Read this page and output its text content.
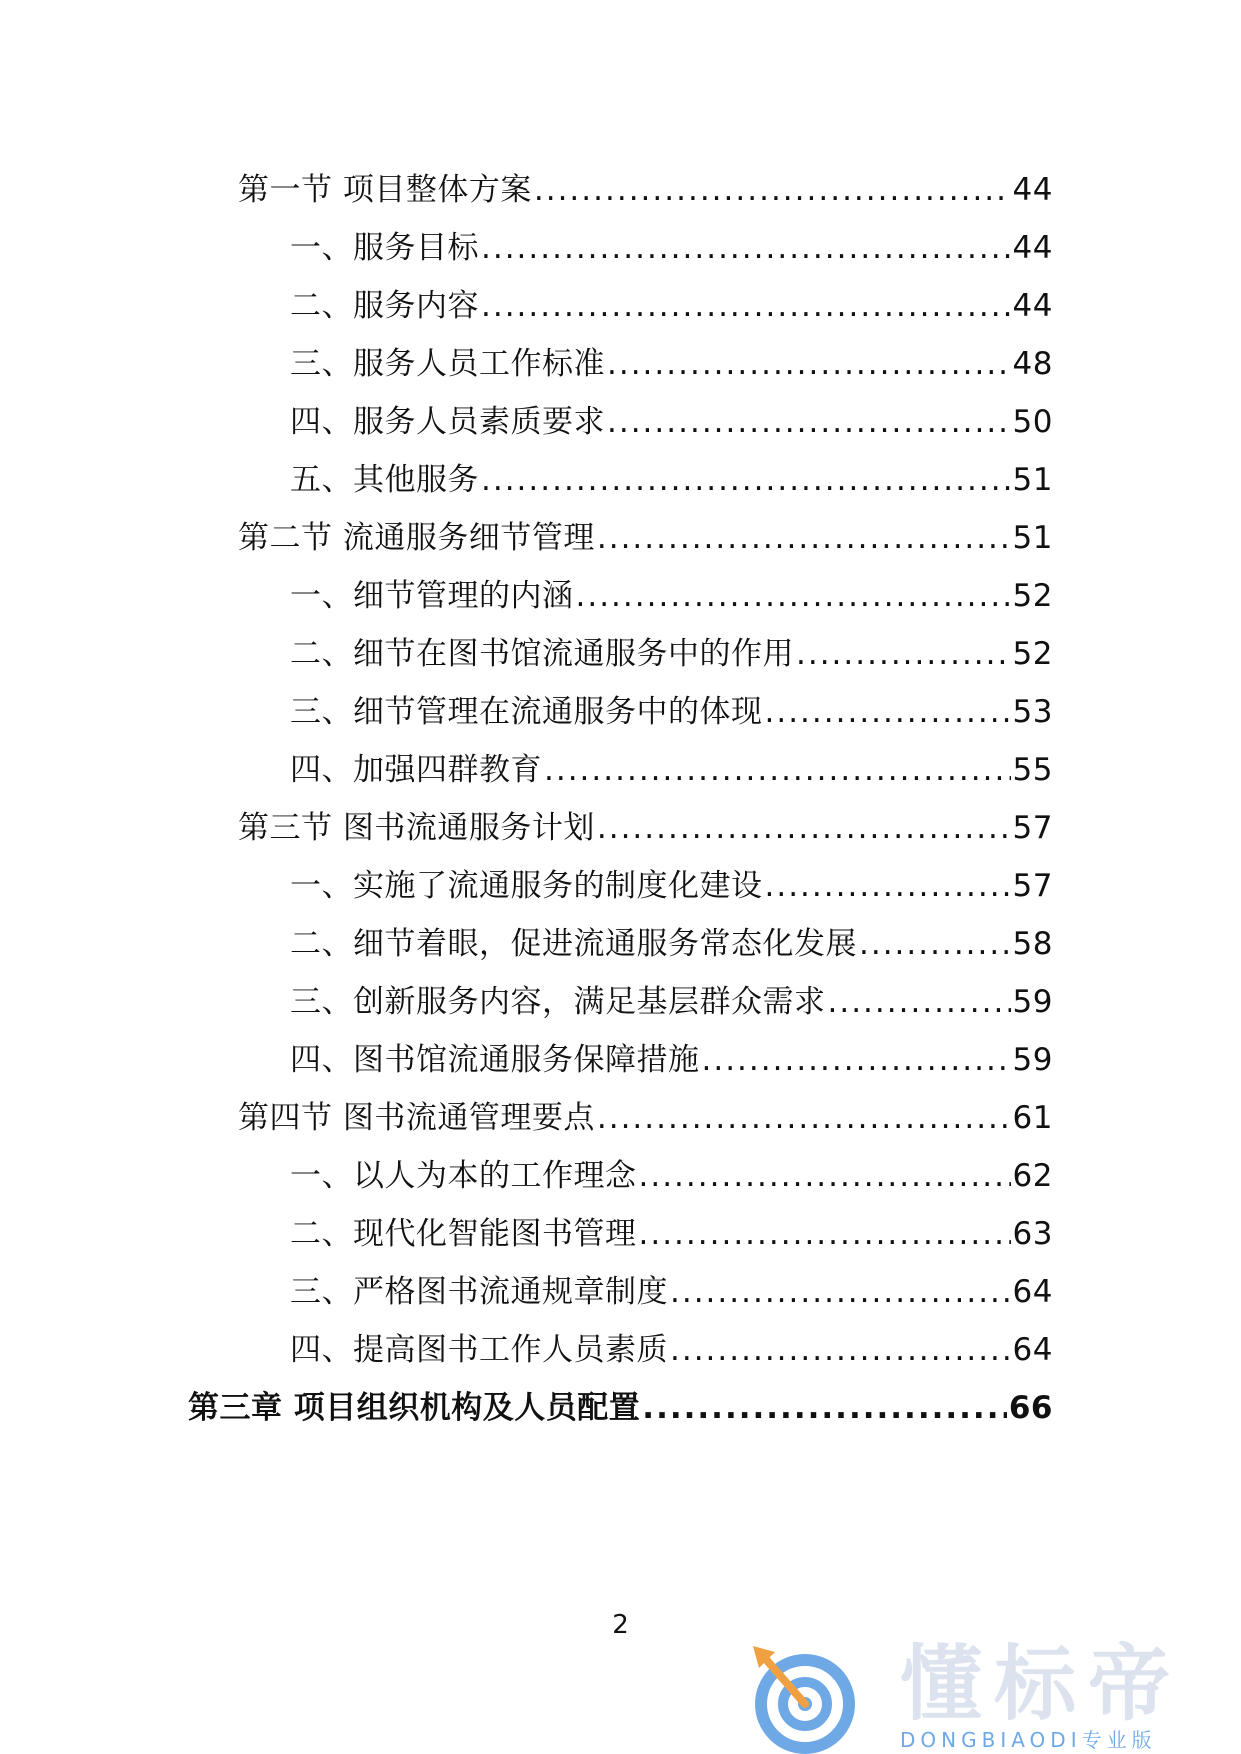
第一节 项目整体方案 .....	44
一、服务目标 .....	44
二、服务内容 .....	44
三、服务人员工作标准 .....	48
四、服务人员素质要求 .....	50
五、其他服务 .....	51
第二节 流通服务细节管理 .....	51
一、细节管理的内涵 .....	52
二、细节在图书馆流通服务中的作用 .....	52
三、细节管理在流通服务中的体现 .....	53
四、加强四群教育 .....	55
第三节 图书流通服务计划 .....	57
一、实施了流通服务的制度化建设 .....	57
二、细节着眼，促进流通服务常态化发展 .....	58
三、创新服务内容，满足基层群众需求 .....	59
四、图书馆流通服务保障措施 .....	59
第四节 图书流通管理要点 .....	61
一、以人为本的工作理念 .....	62
二、现代化智能图书管理 .....	63
三、严格图书流通规章制度 .....	64
四、提高图书工作人员素质 .....	64
第三章 项目组织机构及人员配置 .....	66
2
懂标帝
DONGBIAODI专业版
